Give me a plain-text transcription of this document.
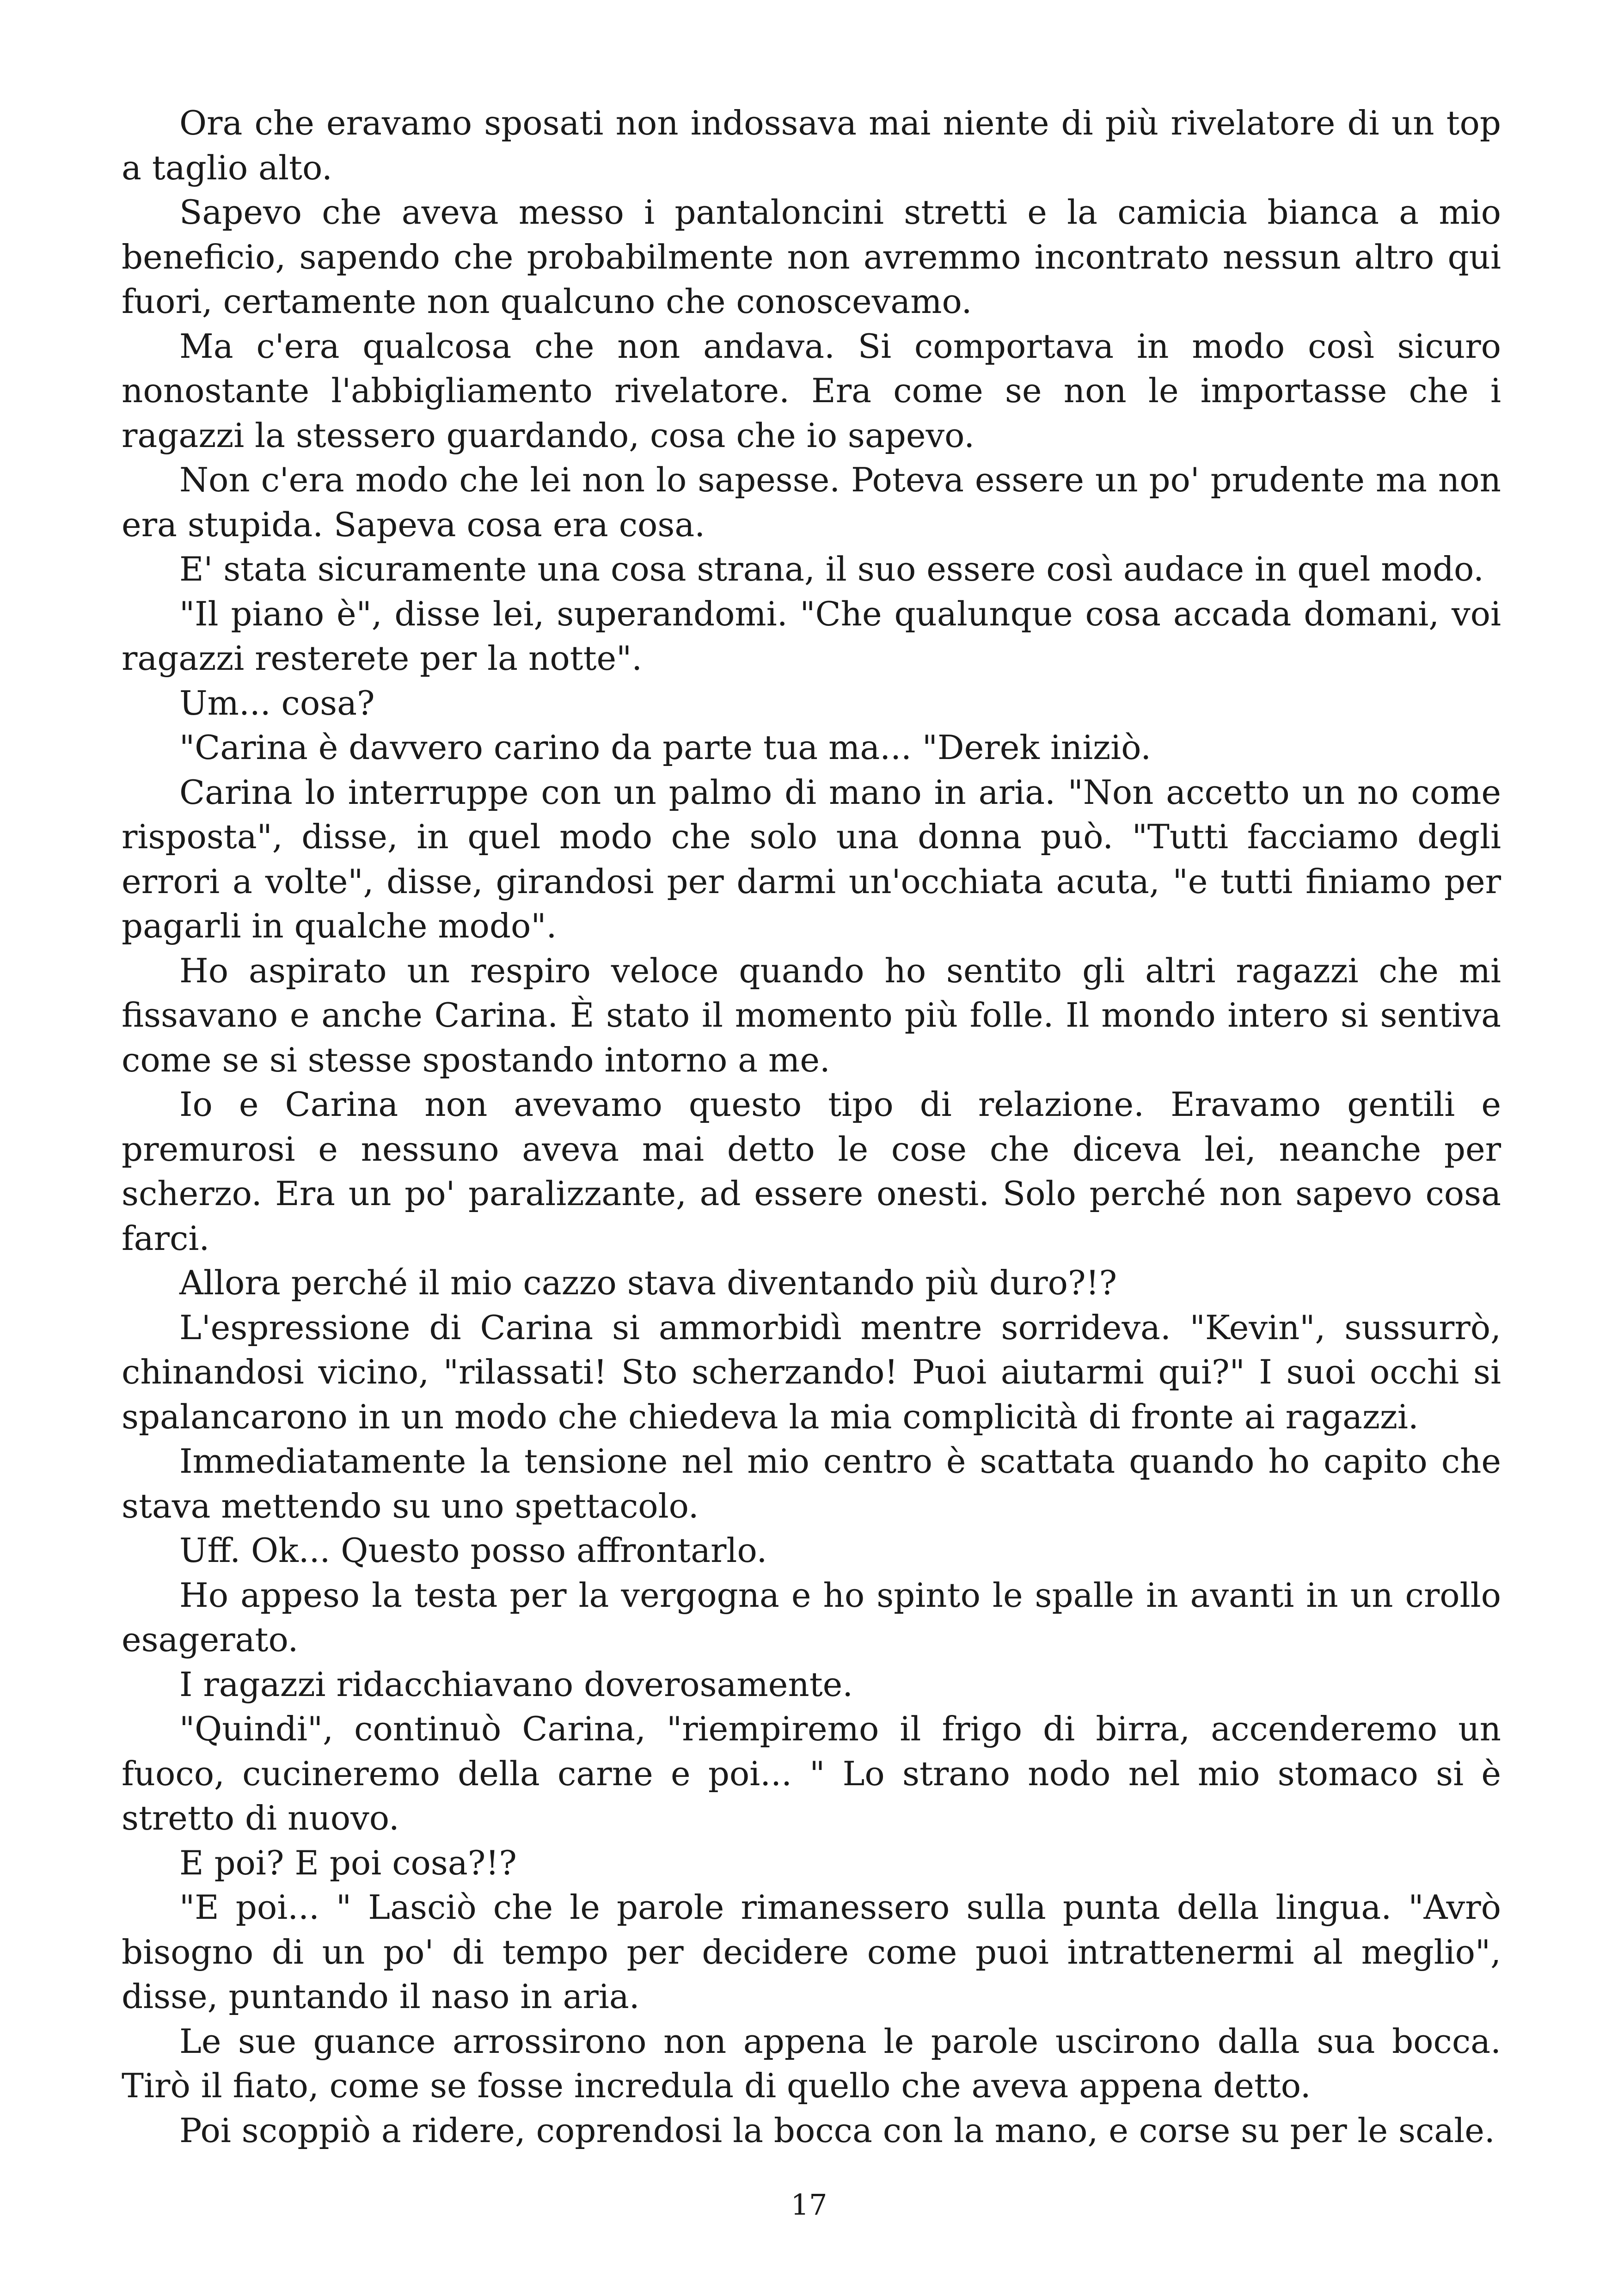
Ora che eravamo sposati non indossava mai niente di più rivelatore di un top a taglio alto.

Sapevo che aveva messo i pantaloncini stretti e la camicia bianca a mio beneficio, sapendo che probabilmente non avremmo incontrato nessun altro qui fuori, certamente non qualcuno che conoscevamo.

Ma c'era qualcosa che non andava. Si comportava in modo così sicuro nonostante l'abbigliamento rivelatore. Era come se non le importasse che i ragazzi la stessero guardando, cosa che io sapevo.

Non c'era modo che lei non lo sapesse. Poteva essere un po' prudente ma non era stupida. Sapeva cosa era cosa.

E' stata sicuramente una cosa strana, il suo essere così audace in quel modo.

"Il piano è", disse lei, superandomi. "Che qualunque cosa accada domani, voi ragazzi resterete per la notte".

Um... cosa?

"Carina è davvero carino da parte tua ma... "Derek iniziò.

Carina lo interruppe con un palmo di mano in aria. "Non accetto un no come risposta", disse, in quel modo che solo una donna può. "Tutti facciamo degli errori a volte", disse, girandosi per darmi un'occhiata acuta, "e tutti finiamo per pagarli in qualche modo".

Ho aspirato un respiro veloce quando ho sentito gli altri ragazzi che mi fissavano e anche Carina. È stato il momento più folle. Il mondo intero si sentiva come se si stesse spostando intorno a me.

Io e Carina non avevamo questo tipo di relazione. Eravamo gentili e premurosi e nessuno aveva mai detto le cose che diceva lei, neanche per scherzo. Era un po' paralizzante, ad essere onesti. Solo perché non sapevo cosa farci.

Allora perché il mio cazzo stava diventando più duro?!?

L'espressione di Carina si ammorbidì mentre sorrideva. "Kevin", sussurrò, chinandosi vicino, "rilassati! Sto scherzando! Puoi aiutarmi qui?" I suoi occhi si spalancarono in un modo che chiedeva la mia complicità di fronte ai ragazzi.

Immediatamente la tensione nel mio centro è scattata quando ho capito che stava mettendo su uno spettacolo.

Uff. Ok... Questo posso affrontarlo.

Ho appeso la testa per la vergogna e ho spinto le spalle in avanti in un crollo esagerato.

I ragazzi ridacchiavano doverosamente.

"Quindi", continuò Carina, "riempiremo il frigo di birra, accenderemo un fuoco, cucineremo della carne e poi... " Lo strano nodo nel mio stomaco si è stretto di nuovo.

E poi? E poi cosa?!?

"E poi... " Lasciò che le parole rimanessero sulla punta della lingua. "Avrò bisogno di un po' di tempo per decidere come puoi intrattenermi al meglio", disse, puntando il naso in aria.

Le sue guance arrossirono non appena le parole uscirono dalla sua bocca. Tirò il fiato, come se fosse incredula di quello che aveva appena detto.

Poi scoppiò a ridere, coprendosi la bocca con la mano, e corse su per le scale.

17
